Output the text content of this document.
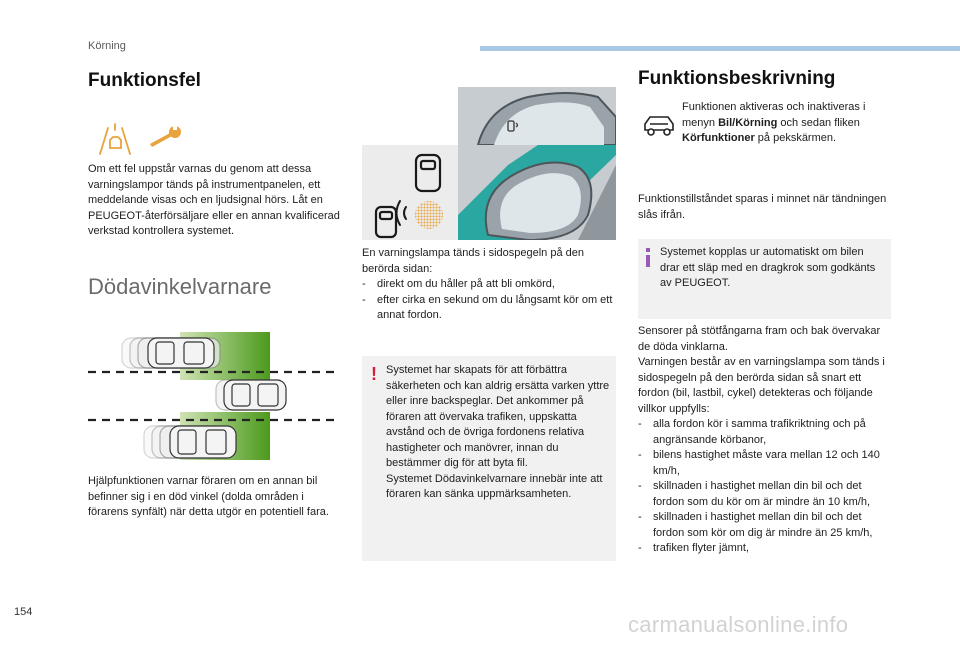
Körning
Funktionsfel
Om ett fel uppstår varnas du genom att dessa varningslampor tänds på instrumentpanelen, ett meddelande visas och en ljudsignal hörs. Låt en PEUGEOT-återförsäljare eller en annan kvalificerad verkstad kontrollera systemet.
Dödavinkelvarnare
Hjälpfunktionen varnar föraren om en annan bil befinner sig i en död vinkel (dolda områden i förarens synfält) när detta utgör en potentiell fara.

En varningslampa tänds i sidospegeln på den berörda sidan:

- direkt om du håller på att bli omkörd,
- efter cirka en sekund om du långsamt kör om ett annat fordon.
! Systemet har skapats för att förbättra säkerheten och kan aldrig ersätta varken yttre eller inre backspeglar. Det ankommer på föraren att övervaka trafiken, uppskatta avstånd och de övriga fordonens relativa hastigheter och manövrer, innan du bestämmer dig för att byta fil.

Systemet Dödavinkelvarnare innebär inte att föraren kan sänka uppmärksamheten.

Funktionsbeskrivning
Funktionen aktiveras och inaktiveras i menyn Bil/Körning och sedan fliken Körfunktioner på pekskärmen.
Funktionstillståndet sparas i minnet när tändningen slås ifrån.
Systemet kopplas ur automatiskt om bilen drar ett släp med en dragkrok som godkänts av PEUGEOT.

Sensorer på stötfångarna fram och bak övervakar de döda vinklarna.

Varningen består av en varningslampa som tänds i sidospegeln på den berörda sidan så snart ett fordon (bil, lastbil, cykel) detekteras och följande villkor uppfylls:

- alla fordon kör i samma trafikriktning och på angränsande körbanor,
- bilens hastighet måste vara mellan 12 och 140 km/h,
- skillnaden i hastighet mellan din bil och det fordon som du kör om är mindre än 10 km/h,
- skillnaden i hastighet mellan din bil och det fordon som kör om dig är mindre än 25 km/h,
- trafiken flyter jämnt,
154	carmanualsonline.info
